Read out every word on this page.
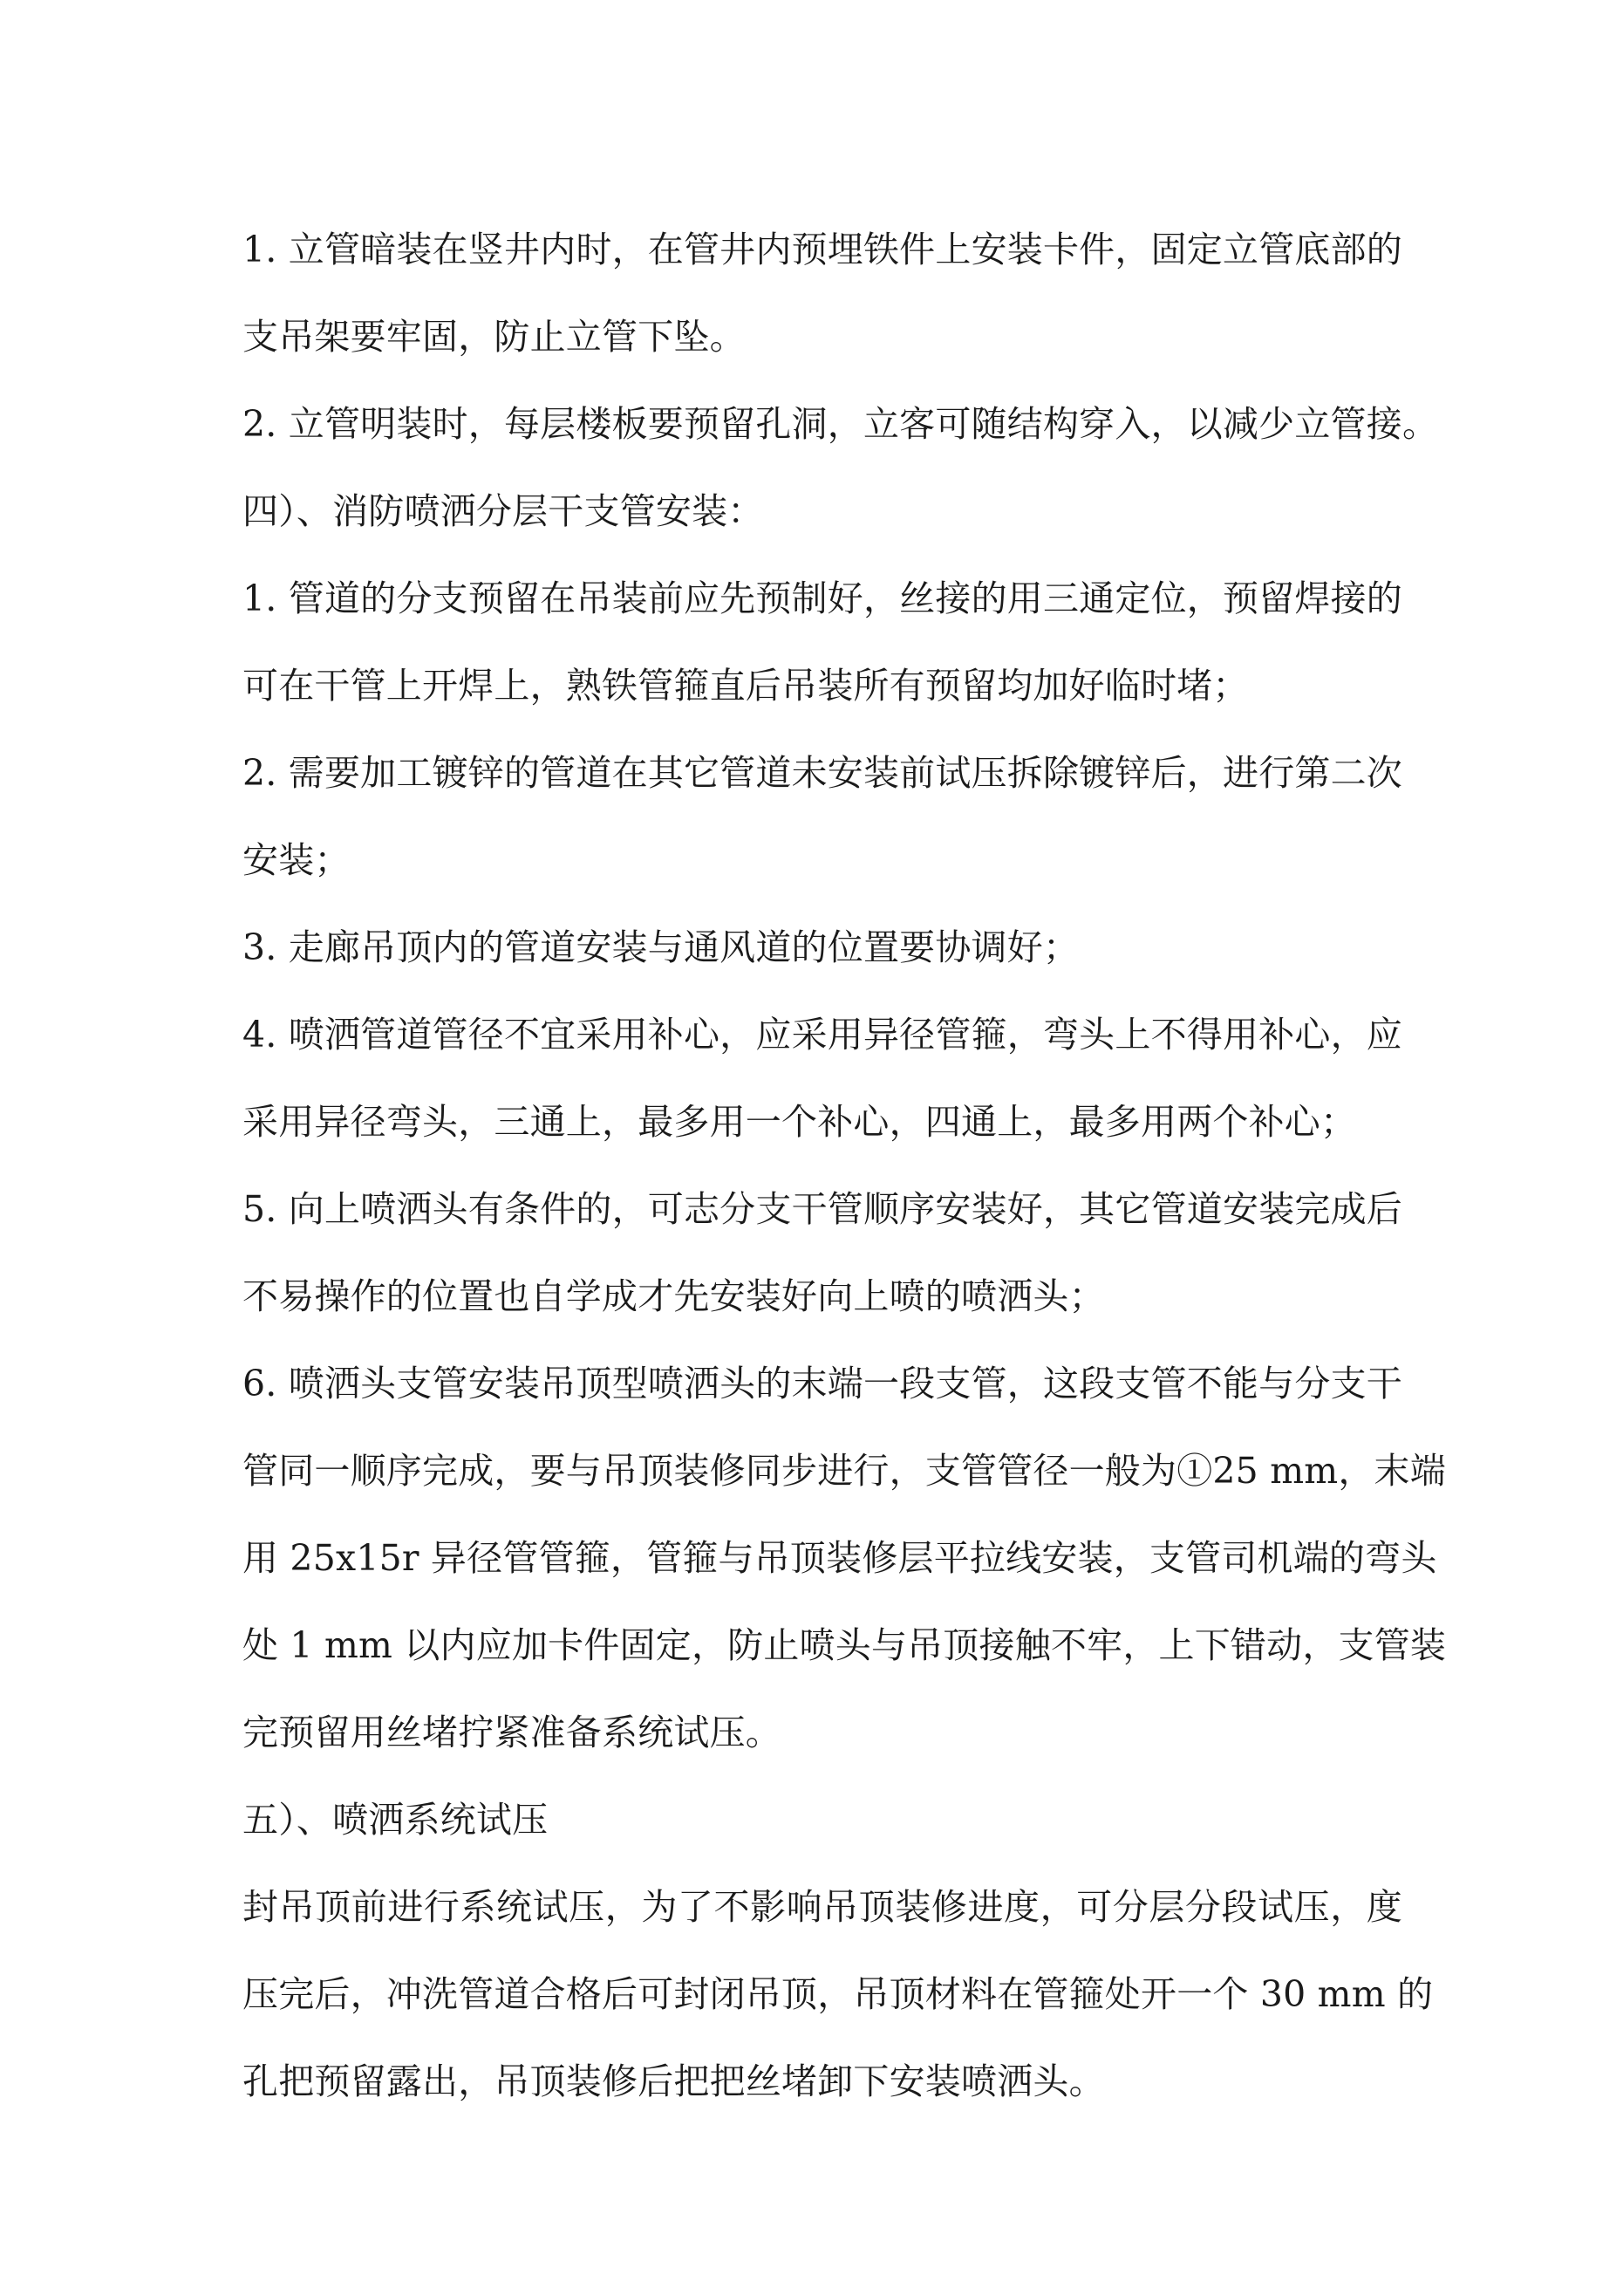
1. 立管暗装在竖井内时，在管井内预埋铁件上安装卡件，固定立管底部的
支吊架要牢固，防止立管下坠。
2. 立管明装时，每层楼板要预留孔洞，立客可随结构穿入，以减少立管接。
四）、消防喷洒分层干支管安装：
1. 管道的分支预留在吊装前应先预制好，丝接的用三通定位，预留焊接的
可在干管上开焊上，熟铁管箍直后吊装所有预留均加好临时堵；
2. 需要加工镀锌的管道在其它管道未安装前试压拆除镀锌后，进行第二次
安装；
3. 走廊吊顶内的管道安装与通风道的位置要协调好；
4. 喷洒管道管径不宜采用补心，应采用异径管箍，弯头上不得用补心，应
采用异径弯头，三通上，最多用一个补心，四通上，最多用两个补心；
5. 向上喷洒头有条件的，可志分支干管顺序安装好，其它管道安装完成后
不易操作的位置也自学成才先安装好向上喷的喷洒头；
6. 喷洒头支管安装吊顶型喷洒头的末端一段支管，这段支管不能与分支干
管同一顺序完成，要与吊顶装修同步进行，支管管径一般为①25 mm，末端
用 25x15r 异径管管箍，管箍与吊顶装修层平拉线安装，支管司机端的弯头
处 1 mm 以内应加卡件固定，防止喷头与吊顶接触不牢，上下错动，支管装
完预留用丝堵拧紧准备系统试压。
五）、喷洒系统试压
封吊顶前进行系统试压，为了不影响吊顶装修进度，可分层分段试压，度
压完后，冲洗管道合格后可封闭吊顶，吊顶材料在管箍处开一个 30 mm 的
孔把预留露出，吊顶装修后把把丝堵卸下安装喷洒头。
